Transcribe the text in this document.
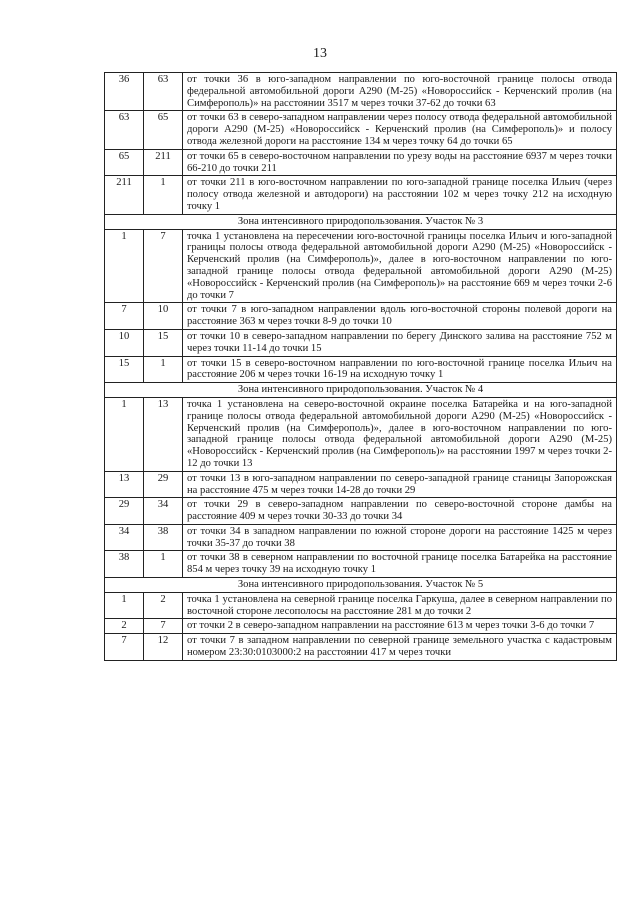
13
36	63	от точки 36 в юго-западном направлении по юго-восточной границе полосы отвода федеральной автомобильной дороги А290 (М-25) «Новороссийск - Керченский пролив (на Симферополь)» на расстоянии 3517 м через точки 37-62 до точки 63
63	65	от точки 63 в северо-западном направлении через полосу отвода федеральной автомобильной дороги А290 (М-25) «Новороссийск - Керченский пролив (на Симферополь)» и полосу отвода железной дороги на расстояние 134 м через точку 64 до точки 65
65	211	от точки 65 в северо-восточном направлении по урезу воды на расстояние 6937 м через точки 66-210 до точки 211
211	1	от точки 211 в юго-восточном направлении по юго-западной границе поселка Ильич (через полосу отвода железной и автодороги) на расстоянии 102 м через точку 212 на исходную точку 1
Зона интенсивного природопользования. Участок № 3		
1	7	точка 1 установлена на пересечении юго-восточной границы поселка Ильич и юго-западной границы полосы отвода федеральной автомобильной дороги А290 (М-25) «Новороссийск - Керченский пролив (на Симферополь)», далее в юго-восточном направлении по юго-западной границе полосы отвода федеральной автомобильной дороги А290 (М-25) «Новороссийск - Керченский пролив (на Симферополь)» на расстояние 669 м через точки 2-6 до точки 7
7	10	от точки 7 в юго-западном направлении вдоль юго-восточной стороны полевой дороги на расстояние 363 м через точки 8-9 до точки 10
10	15	от точки 10 в северо-западном направлении по берегу Динского залива на расстояние 752 м через точки 11-14 до точки 15
15	1	от точки 15 в северо-восточном направлении по юго-восточной границе поселка Ильич на расстояние 206 м через точки 16-19 на исходную точку 1
Зона интенсивного природопользования. Участок № 4		
1	13	точка 1 установлена на северо-восточной окраине поселка Батарейка и на юго-западной границе полосы отвода федеральной автомобильной дороги А290 (М-25) «Новороссийск - Керченский пролив (на Симферополь)», далее в юго-восточном направлении по юго-западной границе полосы отвода федеральной автомобильной дороги А290 (М-25) «Новороссийск - Керченский пролив (на Симферополь)» на расстоянии 1997 м через точки 2-12 до точки 13
13	29	от точки 13 в юго-западном направлении по северо-западной границе станицы Запорожская на расстояние 475 м через точки 14-28 до точки 29
29	34	от точки 29 в северо-западном направлении по северо-восточной стороне дамбы на расстояние 409 м через точки 30-33 до точки 34
34	38	от точки 34 в западном направлении по южной стороне дороги на расстояние 1425 м через точки 35-37 до точки 38
38	1	от точки 38 в северном направлении по восточной границе поселка Батарейка на расстояние 854 м через точку 39 на исходную точку 1
Зона интенсивного природопользования. Участок № 5		
1	2	точка 1 установлена на северной границе поселка Гаркуша, далее в северном направлении по восточной стороне лесополосы на расстояние 281 м до точки 2
2	7	от точки 2 в северо-западном направлении на расстояние 613 м через точки 3-6 до точки 7
7	12	от точки 7 в западном направлении по северной границе земельного участка с кадастровым номером 23:30:0103000:2 на расстоянии 417 м через точки
